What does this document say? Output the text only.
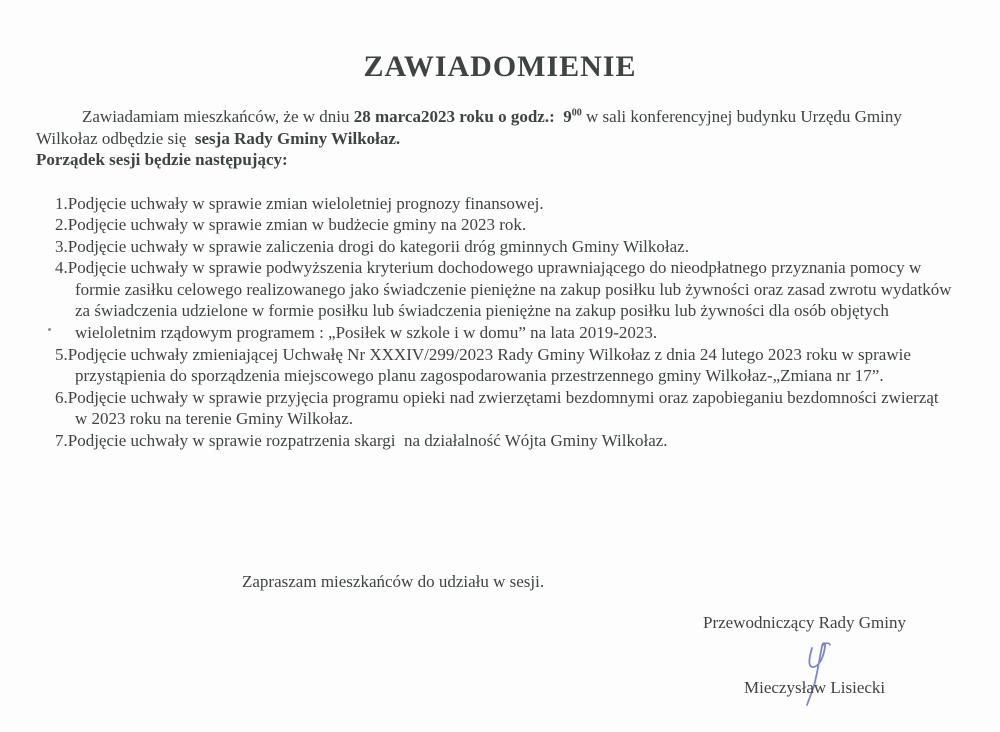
ZAWIADOMIENIE
Zawiadamiam mieszkańców, że w dniu 28 marca2023 roku o godz.:  $9^{00}$ w sali konferencyjnej budynku Urzędu Gminy
Wilkołaz odbędzie się  sesja Rady Gminy Wilkołaz.
Porządek sesji będzie następujący:
1.Podjęcie uchwały w sprawie zmian wieloletniej prognozy finansowej.
2.Podjęcie uchwały w sprawie zmian w budżecie gminy na 2023 rok.
3.Podjęcie uchwały w sprawie zaliczenia drogi do kategorii dróg gminnych Gminy Wilkołaz.
4.Podjęcie uchwały w sprawie podwyższenia kryterium dochodowego uprawniającego do nieodpłatnego przyznania pomocy w
formie zasiłku celowego realizowanego jako świadczenie pieniężne na zakup posiłku lub żywności oraz zasad zwrotu wydatków
za świadczenia udzielone w formie posiłku lub świadczenia pieniężne na zakup posiłku lub żywności dla osób objętych
wieloletnim rządowym programem : „Posiłek w szkole i w domu” na lata 2019-2023.
5.Podjęcie uchwały zmieniającej Uchwałę Nr XXXIV/299/2023 Rady Gminy Wilkołaz z dnia 24 lutego 2023 roku w sprawie
przystąpienia do sporządzenia miejscowego planu zagospodarowania przestrzennego gminy Wilkołaz-„Zmiana nr 17”.
6.Podjęcie uchwały w sprawie przyjęcia programu opieki nad zwierzętami bezdomnymi oraz zapobieganiu bezdomności zwierząt
w 2023 roku na terenie Gminy Wilkołaz.
7.Podjęcie uchwały w sprawie rozpatrzenia skargi  na działalność Wójta Gminy Wilkołaz.
Zapraszam mieszkańców do udziału w sesji.
Przewodniczący Rady Gminy
Mieczysław Lisiecki
